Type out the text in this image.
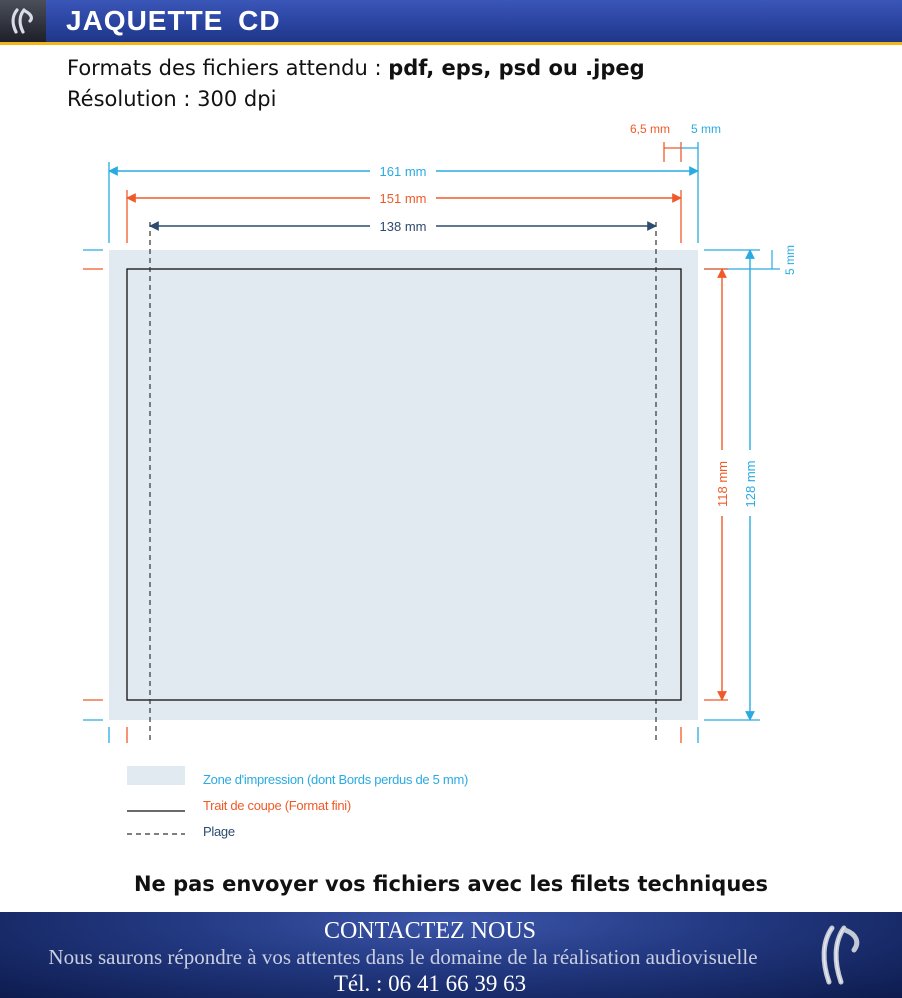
JAQUETTE CD
Formats des fichiers attendu : pdf, eps, psd ou .jpeg
Résolution : 300 dpi
161 mm
151 mm
138 mm
6,5 mm 5 mm
5 mm
118 mm 128 mm
Zone d'impression (dont Bords perdus de 5 mm)
Trait de coupe (Format fini)
Plage
Ne pas envoyer vos fichiers avec les filets techniques
CONTACTEZ NOUS
Nous saurons répondre à vos attentes dans le domaine de la réalisation audiovisuelle
Tél. : 06 41 66 39 63
